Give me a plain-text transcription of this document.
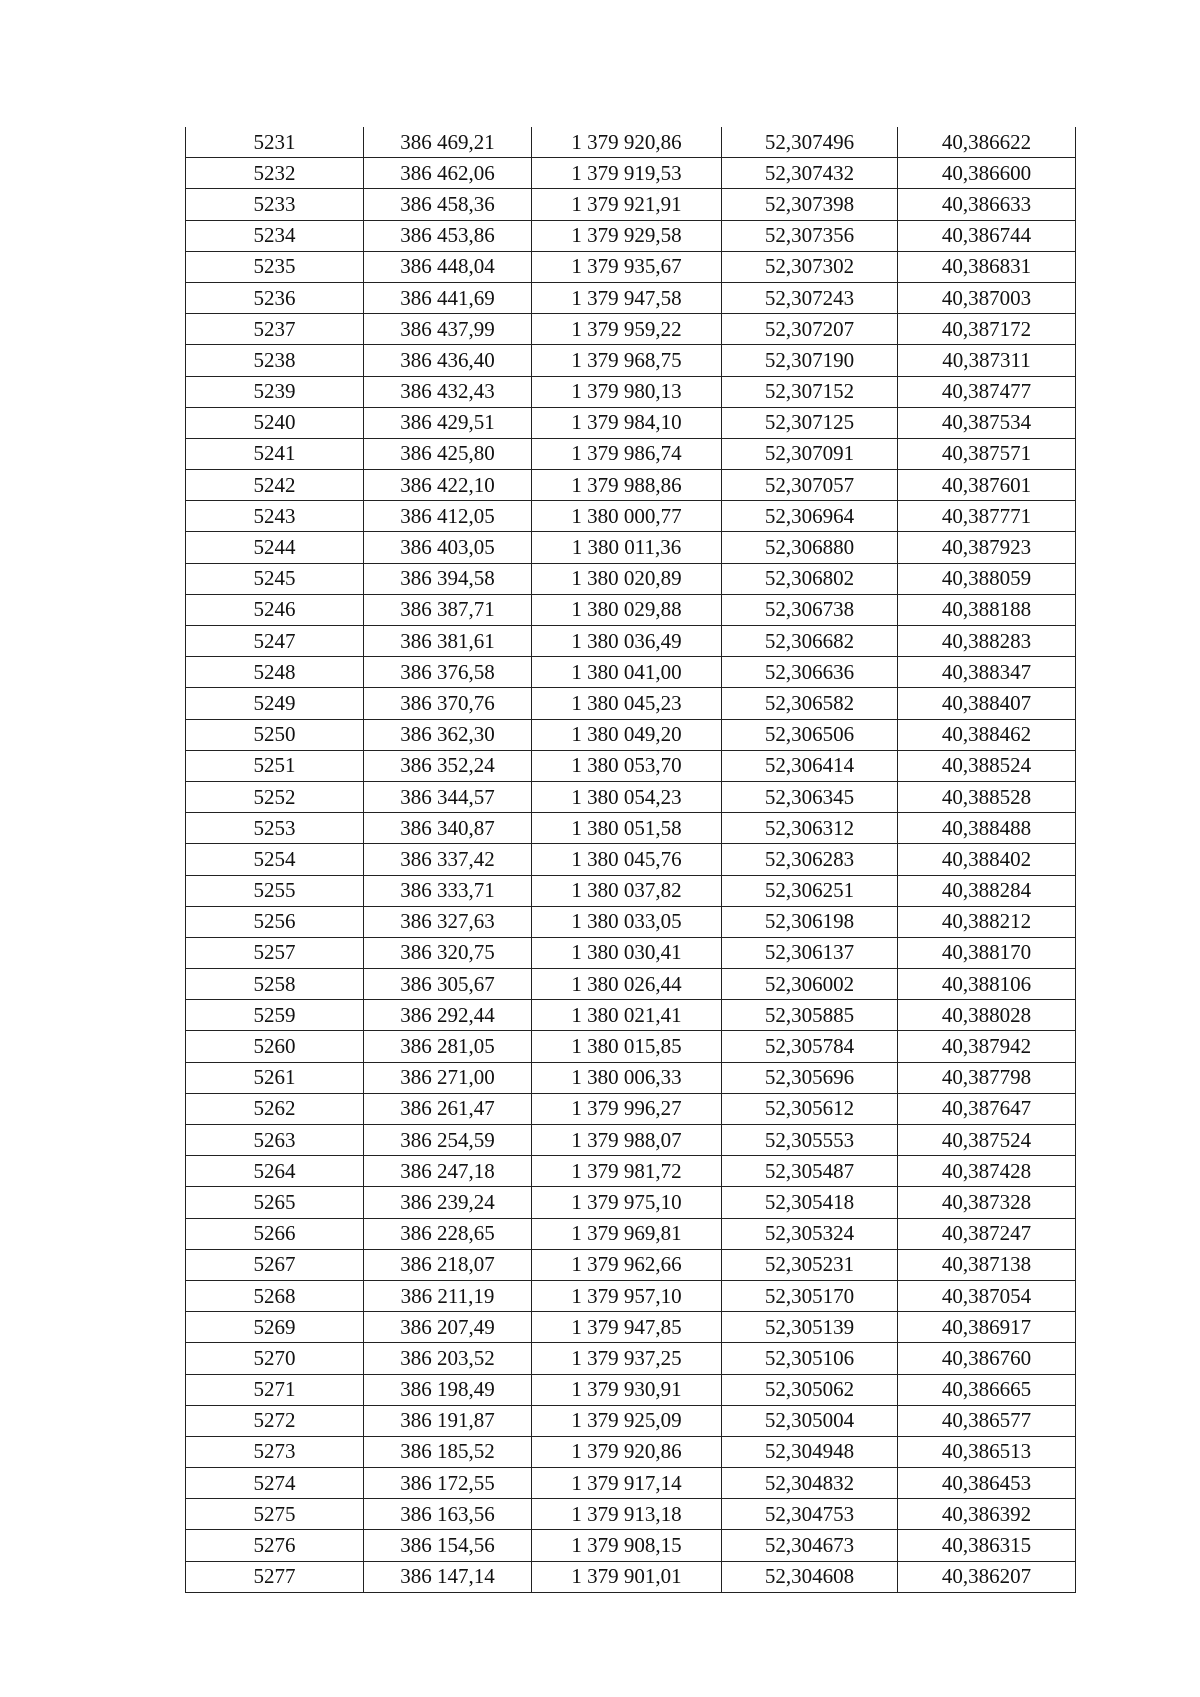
5231	386 469,21	1 379 920,86	52,307496	40,386622
5232	386 462,06	1 379 919,53	52,307432	40,386600
5233	386 458,36	1 379 921,91	52,307398	40,386633
5234	386 453,86	1 379 929,58	52,307356	40,386744
5235	386 448,04	1 379 935,67	52,307302	40,386831
5236	386 441,69	1 379 947,58	52,307243	40,387003
5237	386 437,99	1 379 959,22	52,307207	40,387172
5238	386 436,40	1 379 968,75	52,307190	40,387311
5239	386 432,43	1 379 980,13	52,307152	40,387477
5240	386 429,51	1 379 984,10	52,307125	40,387534
5241	386 425,80	1 379 986,74	52,307091	40,387571
5242	386 422,10	1 379 988,86	52,307057	40,387601
5243	386 412,05	1 380 000,77	52,306964	40,387771
5244	386 403,05	1 380 011,36	52,306880	40,387923
5245	386 394,58	1 380 020,89	52,306802	40,388059
5246	386 387,71	1 380 029,88	52,306738	40,388188
5247	386 381,61	1 380 036,49	52,306682	40,388283
5248	386 376,58	1 380 041,00	52,306636	40,388347
5249	386 370,76	1 380 045,23	52,306582	40,388407
5250	386 362,30	1 380 049,20	52,306506	40,388462
5251	386 352,24	1 380 053,70	52,306414	40,388524
5252	386 344,57	1 380 054,23	52,306345	40,388528
5253	386 340,87	1 380 051,58	52,306312	40,388488
5254	386 337,42	1 380 045,76	52,306283	40,388402
5255	386 333,71	1 380 037,82	52,306251	40,388284
5256	386 327,63	1 380 033,05	52,306198	40,388212
5257	386 320,75	1 380 030,41	52,306137	40,388170
5258	386 305,67	1 380 026,44	52,306002	40,388106
5259	386 292,44	1 380 021,41	52,305885	40,388028
5260	386 281,05	1 380 015,85	52,305784	40,387942
5261	386 271,00	1 380 006,33	52,305696	40,387798
5262	386 261,47	1 379 996,27	52,305612	40,387647
5263	386 254,59	1 379 988,07	52,305553	40,387524
5264	386 247,18	1 379 981,72	52,305487	40,387428
5265	386 239,24	1 379 975,10	52,305418	40,387328
5266	386 228,65	1 379 969,81	52,305324	40,387247
5267	386 218,07	1 379 962,66	52,305231	40,387138
5268	386 211,19	1 379 957,10	52,305170	40,387054
5269	386 207,49	1 379 947,85	52,305139	40,386917
5270	386 203,52	1 379 937,25	52,305106	40,386760
5271	386 198,49	1 379 930,91	52,305062	40,386665
5272	386 191,87	1 379 925,09	52,305004	40,386577
5273	386 185,52	1 379 920,86	52,304948	40,386513
5274	386 172,55	1 379 917,14	52,304832	40,386453
5275	386 163,56	1 379 913,18	52,304753	40,386392
5276	386 154,56	1 379 908,15	52,304673	40,386315
5277	386 147,14	1 379 901,01	52,304608	40,386207
